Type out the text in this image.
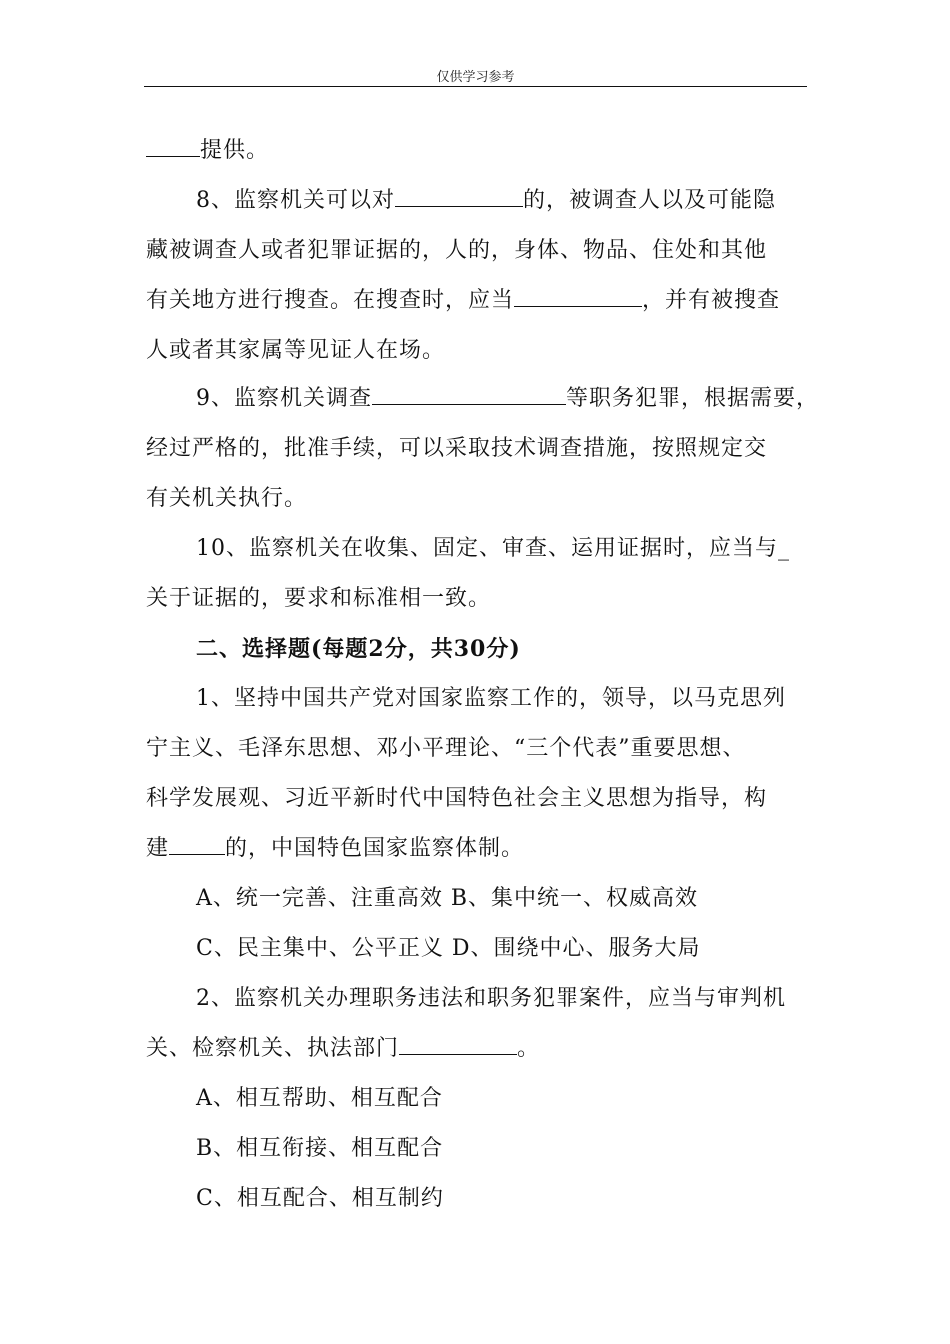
仅供学习参考
提供。
8、监察机关可以对	的，被调查人以及可能隐
藏被调查人或者犯罪证据的，人的，身体、物品、住处和其他
有关地方进行搜查。在搜查时，应当	，并有被搜查
人或者其家属等见证人在场。
9、监察机关调查	等职务犯罪，根据需要，
经过严格的，批准手续，可以采取技术调查措施，按照规定交
有关机关执行。
10、监察机关在收集、固定、审查、运用证据时，应当与_
关于证据的，要求和标准相一致。
二、选择题(每题2分，共30分)
1、坚持中国共产党对国家监察工作的，领导，以马克思列
宁主义、毛泽东思想、邓小平理论、“三个代表”重要思想、
科学发展观、习近平新时代中国特色社会主义思想为指导，构
建	的，中国特色国家监察体制。
A、统一完善、注重高效 B、集中统一、权威高效
C、民主集中、公平正义 D、围绕中心、服务大局
2、监察机关办理职务违法和职务犯罪案件，应当与审判机
关、检察机关、执法部门	。
A、相互帮助、相互配合
B、相互衔接、相互配合
C、相互配合、相互制约
